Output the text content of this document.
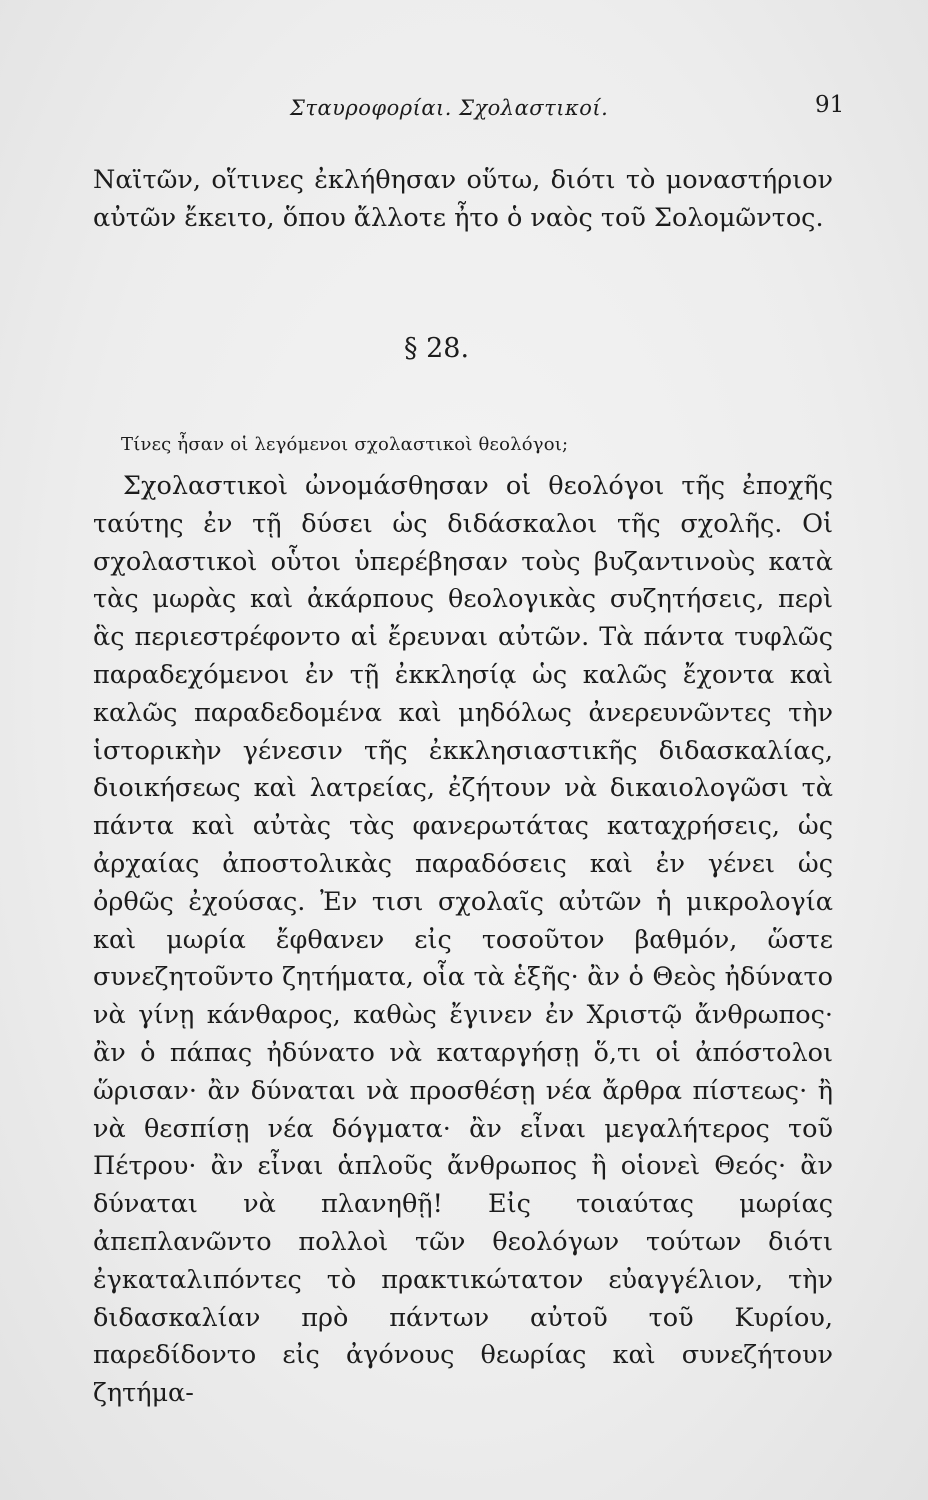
Σταυροφορίαι. Σχολαστικοί.	91

Ναϊτῶν, οἵτινες ἐκλήθησαν οὕτω, διότι τὸ μοναστήριον αὐτῶν ἔκειτο, ὅπου ἄλλοτε ἦτο ὁ ναὸς τοῦ Σολομῶντος.

§ 28.
Τίνες ἦσαν οἱ λεγόμενοι σχολαστικοὶ θεολόγοι;

Σχολαστικοὶ ὠνομάσθησαν οἱ θεολόγοι τῆς ἐποχῆς ταύτης ἐν τῇ δύσει ὡς διδάσκαλοι τῆς σχολῆς. Οἱ σχολαστικοὶ οὗτοι ὑπερέβησαν τοὺς βυζαντινοὺς κατὰ τὰς μωρὰς καὶ ἀκάρπους θεολογικὰς συζητήσεις, περὶ ἃς περιεστρέφοντο αἱ ἔρευναι αὐτῶν. Τὰ πάντα τυφλῶς παραδεχόμενοι ἐν τῇ ἐκκλησίᾳ ὡς καλῶς ἔχοντα καὶ καλῶς παραδεδομένα καὶ μηδόλως ἀνερευνῶντες τὴν ἱστορικὴν γένεσιν τῆς ἐκκλησιαστικῆς διδασκαλίας, διοικήσεως καὶ λατρείας, ἐζήτουν νὰ δικαιολογῶσι τὰ πάντα καὶ αὐτὰς τὰς φανερωτάτας καταχρήσεις, ὡς ἀρχαίας ἀποστολικὰς παραδόσεις καὶ ἐν γένει ὡς ὀρθῶς ἐχούσας. Ἐν τισι σχολαῖς αὐτῶν ἡ μικρολογία καὶ μωρία ἔφθανεν εἰς τοσοῦτον βαθμόν, ὥστε συνεζητοῦντο ζητήματα, οἷα τὰ ἑξῆς· ἂν ὁ Θεὸς ἠδύνατο νὰ γίνῃ κάνθαρος, καθὼς ἔγινεν ἐν Χριστῷ ἄνθρωπος· ἂν ὁ πάπας ἠδύνατο νὰ καταργήσῃ ὅ,τι οἱ ἀπόστολοι ὥρισαν· ἂν δύναται νὰ προσθέσῃ νέα ἄρθρα πίστεως· ἢ νὰ θεσπίσῃ νέα δόγματα· ἂν εἶναι μεγαλήτερος τοῦ Πέτρου· ἂν εἶναι ἁπλοῦς ἄνθρωπος ἢ οἱονεὶ Θεός· ἂν δύναται νὰ πλανηθῇ! Εἰς τοιαύτας μωρίας ἀπεπλανῶντο πολλοὶ τῶν θεολόγων τούτων διότι ἐγκαταλιπόντες τὸ πρακτικώτατον εὐαγγέλιον, τὴν διδασκαλίαν πρὸ πάντων αὐτοῦ τοῦ Κυρίου, παρεδίδοντο εἰς ἀγόνους θεωρίας καὶ συνεζήτουν ζητήμα-
